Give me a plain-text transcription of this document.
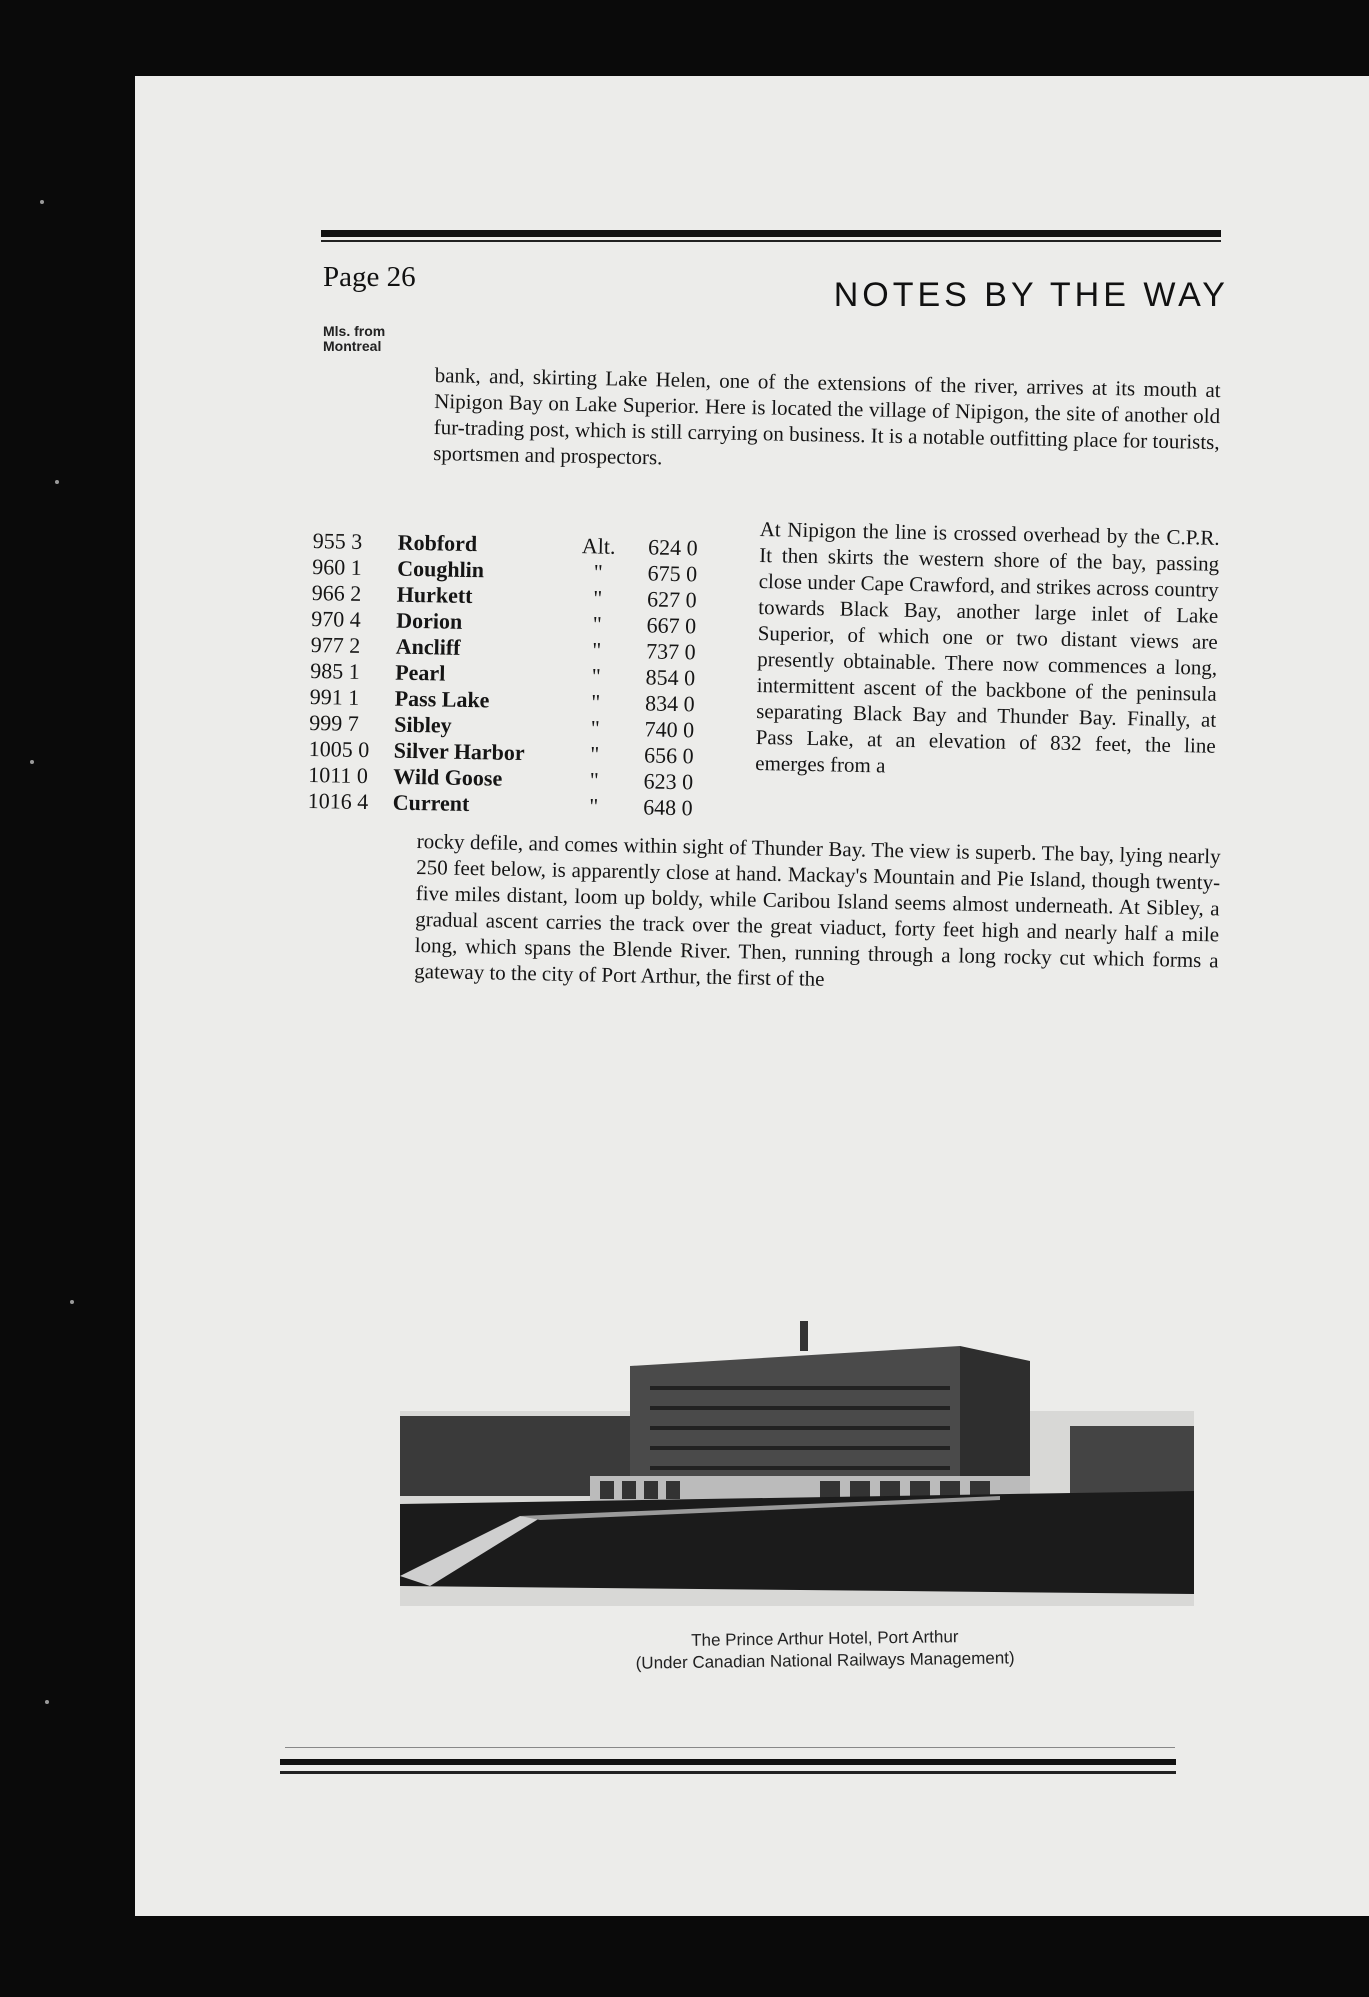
Page 26	NOTES BY THE WAY
Mls. from
Montreal
bank, and, skirting Lake Helen, one of the extensions of the river, arrives at its mouth at Nipigon Bay on Lake Superior. Here is located the village of Nipigon, the site of another old fur-trading post, which is still carrying on business. It is a notable outfitting place for tourists, sportsmen and prospectors.
955 3	Robford	Alt.	624 0
960 1	Coughlin	"	675 0
966 2	Hurkett	"	627 0
970 4	Dorion	"	667 0
977 2	Ancliff	"	737 0
985 1	Pearl	"	854 0
991 1	Pass Lake	"	834 0
999 7	Sibley	"	740 0
1005 0	Silver Harbor	"	656 0
1011 0	Wild Goose	"	623 0
1016 4	Current	"	648 0
At Nipigon the line is crossed overhead by the C.P.R. It then skirts the western shore of the bay, passing close under Cape Crawford, and strikes across country towards Black Bay, another large inlet of Lake Superior, of which one or two distant views are presently obtainable. There now commences a long, intermittent ascent of the backbone of the peninsula separating Black Bay and Thunder Bay. Finally, at Pass Lake, at an elevation of 832 feet, the line emerges from a
rocky defile, and comes within sight of Thunder Bay. The view is superb. The bay, lying nearly 250 feet below, is apparently close at hand. Mackay's Mountain and Pie Island, though twenty-five miles distant, loom up boldy, while Caribou Island seems almost underneath. At Sibley, a gradual ascent carries the track over the great viaduct, forty feet high and nearly half a mile long, which spans the Blende River. Then, running through a long rocky cut which forms a gateway to the city of Port Arthur, the first of the
The Prince Arthur Hotel, Port Arthur
(Under Canadian National Railways Management)
